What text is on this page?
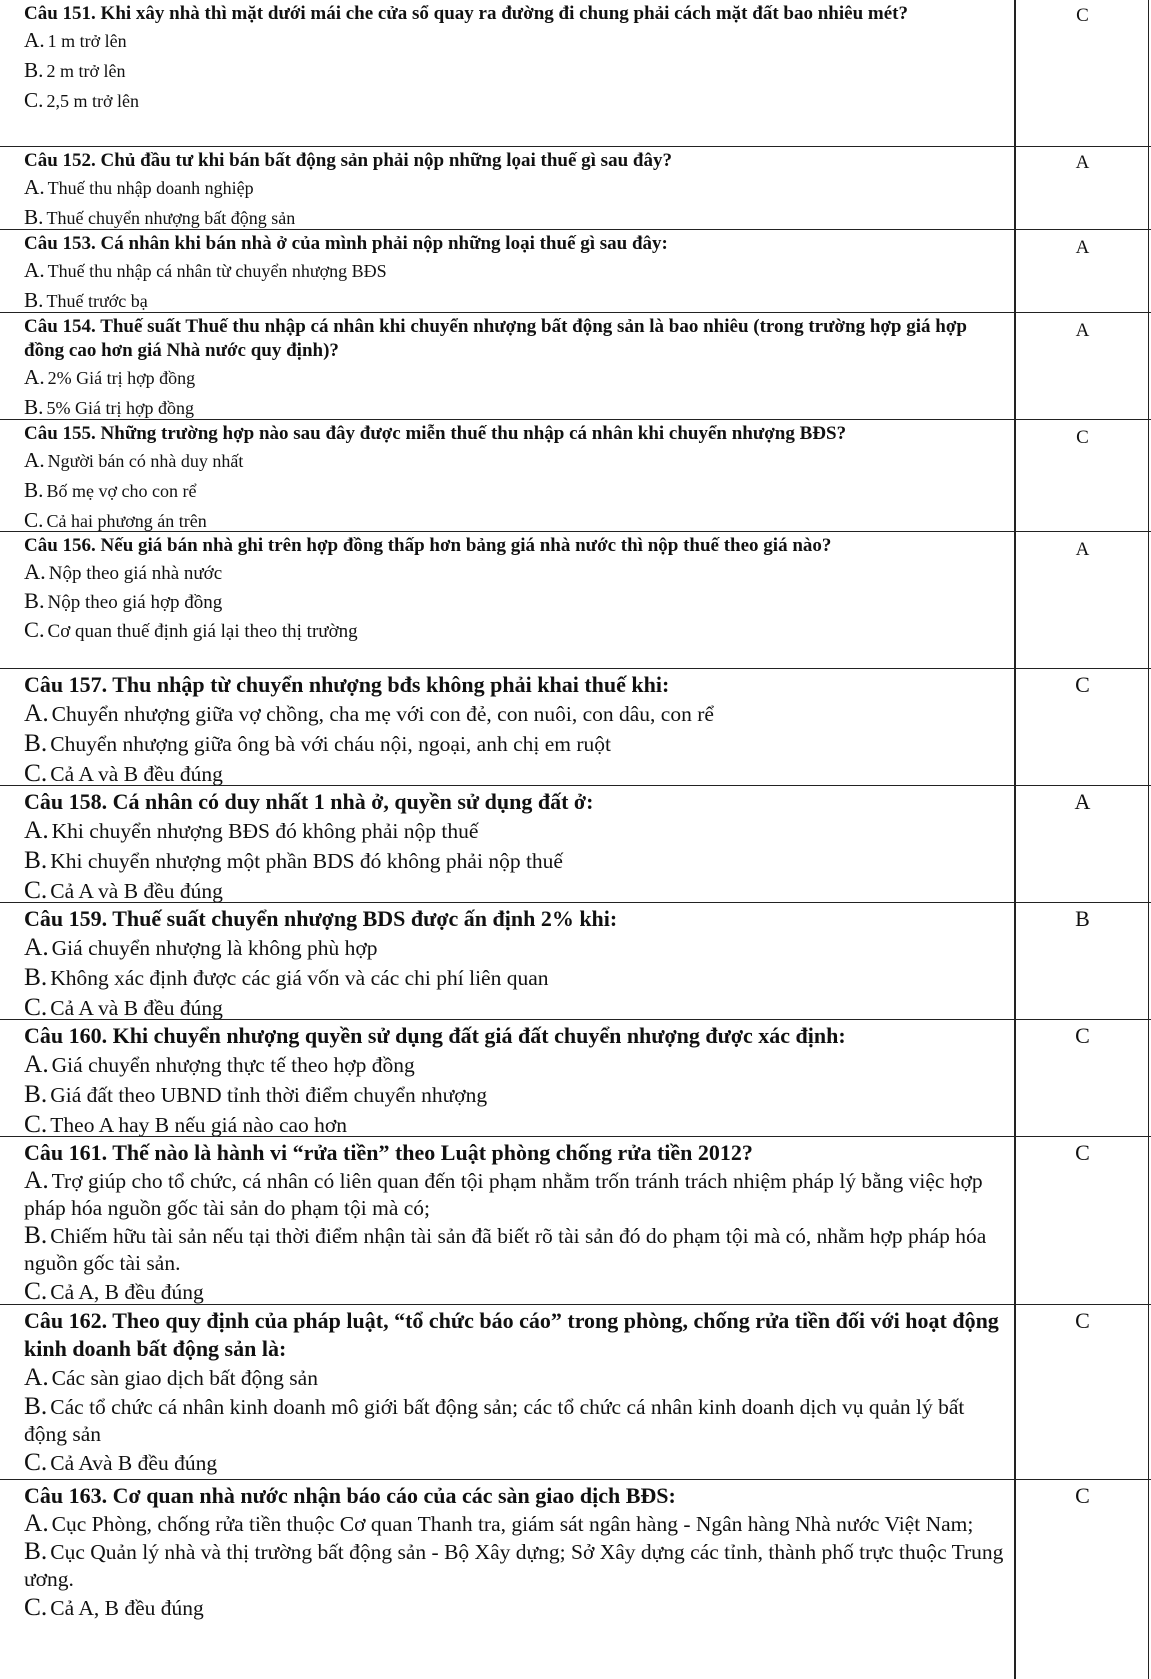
Câu 151. Khi xây nhà thì mặt dưới mái che cửa sổ quay ra đường đi chung phải cách mặt đất bao nhiêu mét?

A. 1 m trở lên

B. 2 m trở lên

C. 2,5 m trở lên

C

Câu 152. Chủ đầu tư khi bán bất động sản phải nộp những lọai thuế gì sau đây?

A. Thuế thu nhập doanh nghiệp

B. Thuế chuyển nhượng bất động sản

A

Câu 153. Cá nhân khi bán nhà ở của mình phải nộp những loại thuế gì sau đây:

A. Thuế thu nhập cá nhân từ chuyển nhượng BĐS

B. Thuế trước bạ

A

Câu 154. Thuế suất Thuế thu nhập cá nhân khi chuyển nhượng bất động sản là bao nhiêu (trong trường hợp giá hợp đồng cao hơn giá Nhà nước quy định)?

A. 2% Giá trị hợp đồng

B. 5% Giá trị hợp đồng

A

Câu 155. Những trường hợp nào sau đây được miễn thuế thu nhập cá nhân khi chuyển nhượng BĐS?

A. Người bán có nhà duy nhất

B. Bố mẹ vợ cho con rể

C. Cả hai phương án trên

C

Câu 156. Nếu giá bán nhà ghi trên hợp đồng thấp hơn bảng giá nhà nước thì nộp thuế theo giá nào?

A. Nộp theo giá nhà nước

B. Nộp theo giá hợp đồng

C. Cơ quan thuế định giá lại theo thị trường

A

Câu 157. Thu nhập từ chuyển nhượng bđs không phải khai thuế khi:

A. Chuyển nhượng giữa vợ chồng, cha mẹ với con đẻ, con nuôi, con dâu, con rể

B. Chuyển nhượng giữa ông bà với cháu nội, ngoại, anh chị em ruột

C. Cả A và B đều đúng

C

Câu 158. Cá nhân có duy nhất 1 nhà ở, quyền sử dụng đất ở:

A. Khi chuyển nhượng BĐS đó không phải nộp thuế

B. Khi chuyển nhượng một phần BDS đó không phải nộp thuế

C. Cả A và B đều đúng

A

Câu 159. Thuế suất chuyển nhượng BDS được ấn định 2% khi:

A. Giá chuyển nhượng là không phù hợp

B. Không xác định được các giá vốn và các chi phí liên quan

C. Cả A và B đều đúng

B

Câu 160. Khi chuyển nhượng quyền sử dụng đất giá đất chuyển nhượng được xác định:

A. Giá chuyển nhượng thực tế theo hợp đồng

B. Giá đất theo UBND tỉnh thời điểm chuyển nhượng

C. Theo A hay B nếu giá nào cao hơn

C

Câu 161. Thế nào là hành vi “rửa tiền” theo Luật phòng chống rửa tiền 2012?

A. Trợ giúp cho tổ chức, cá nhân có liên quan đến tội phạm nhằm trốn tránh trách nhiệm pháp lý bằng việc hợp pháp hóa nguồn gốc tài sản do phạm tội mà có;

B. Chiếm hữu tài sản nếu tại thời điểm nhận tài sản đã biết rõ tài sản đó do phạm tội mà có, nhằm hợp pháp hóa nguồn gốc tài sản.

C. Cả A, B đều đúng

C

Câu 162. Theo quy định của pháp luật, “tổ chức báo cáo” trong phòng, chống rửa tiền đối với hoạt động kinh doanh bất động sản là:

A. Các sàn giao dịch bất động sản

B. Các tổ chức cá nhân kinh doanh mô giới bất động sản; các tổ chức cá nhân kinh doanh dịch vụ quản lý bất động sản

C. Cả Avà B đều đúng

C

Câu 163. Cơ quan nhà nước nhận báo cáo của các sàn giao dịch BĐS:

A. Cục Phòng, chống rửa tiền thuộc Cơ quan Thanh tra, giám sát ngân hàng - Ngân hàng Nhà nước Việt Nam;

B. Cục Quản lý nhà và thị trường bất động sản - Bộ Xây dựng; Sở Xây dựng các tỉnh, thành phố trực thuộc Trung ương.

C. Cả A, B đều đúng

C
